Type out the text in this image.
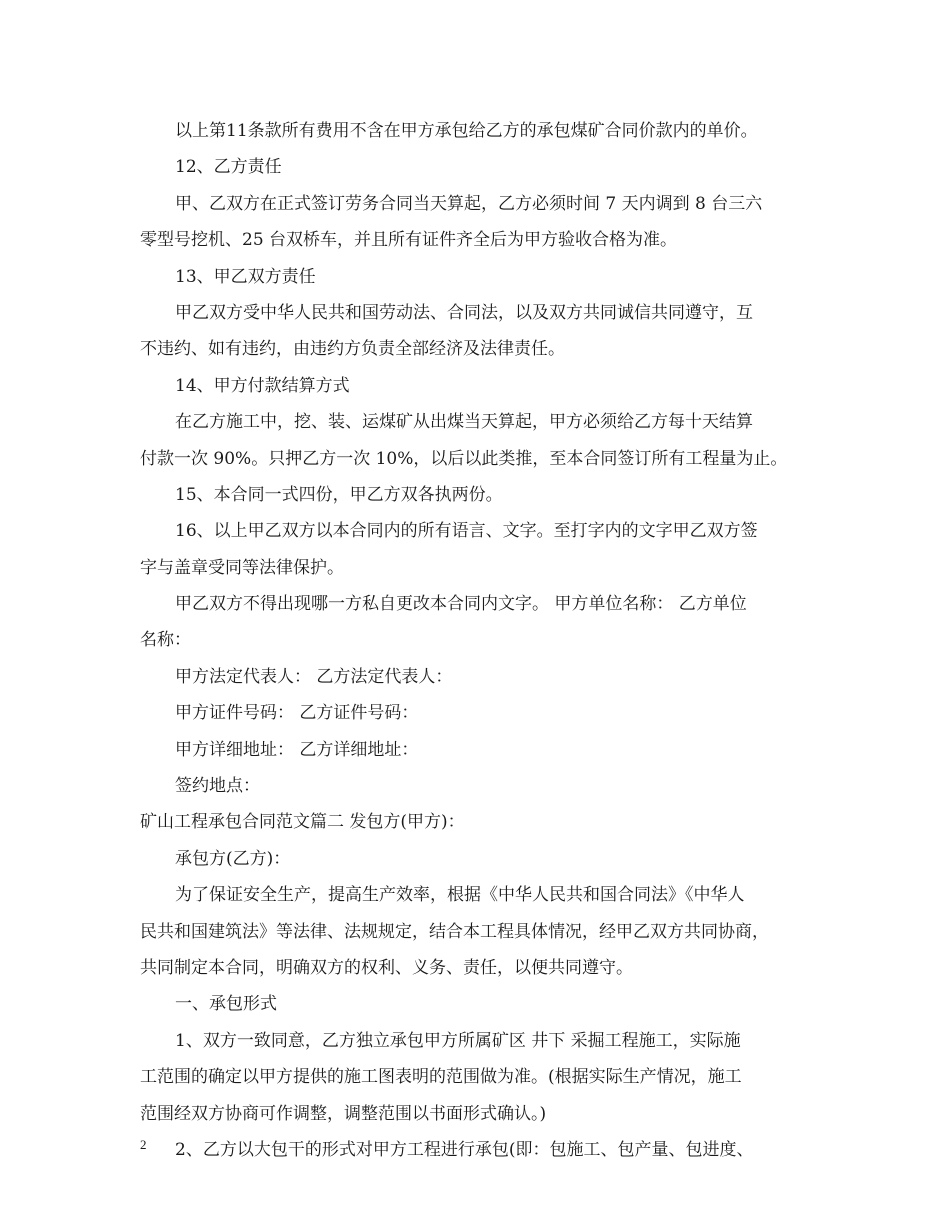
以上第11条款所有费用不含在甲方承包给乙方的承包煤矿合同价款内的单价。
12、乙方责任
甲、乙双方在正式签订劳务合同当天算起，乙方必须时间 7 天内调到 8 台三六
零型号挖机、25 台双桥车，并且所有证件齐全后为甲方验收合格为准。
13、甲乙双方责任
甲乙双方受中华人民共和国劳动法、合同法，以及双方共同诚信共同遵守，互
不违约、如有违约，由违约方负责全部经济及法律责任。
14、甲方付款结算方式
在乙方施工中，挖、装、运煤矿从出煤当天算起，甲方必须给乙方每十天结算
付款一次 90%。只押乙方一次 10%，以后以此类推，至本合同签订所有工程量为止。
15、本合同一式四份，甲乙方双各执两份。
16、以上甲乙双方以本合同内的所有语言、文字。至打字内的文字甲乙双方签
字与盖章受同等法律保护。
甲乙双方不得出现哪一方私自更改本合同内文字。 甲方单位名称： 乙方单位
名称：
甲方法定代表人： 乙方法定代表人：
甲方证件号码： 乙方证件号码：
甲方详细地址： 乙方详细地址：
签约地点：
矿山工程承包合同范文篇二 发包方(甲方)：
承包方(乙方)：
为了保证安全生产，提高生产效率，根据《中华人民共和国合同法》《中华人
民共和国建筑法》等法律、法规规定，结合本工程具体情况，经甲乙双方共同协商，
共同制定本合同，明确双方的权利、义务、责任，以便共同遵守。
一、承包形式
1、双方一致同意，乙方独立承包甲方所属矿区 井下 采掘工程施工，实际施
工范围的确定以甲方提供的施工图表明的范围做为准。(根据实际生产情况，施工
范围经双方协商可作调整，调整范围以书面形式确认。)
2、乙方以大包干的形式对甲方工程进行承包(即：包施工、包产量、包进度、
2
